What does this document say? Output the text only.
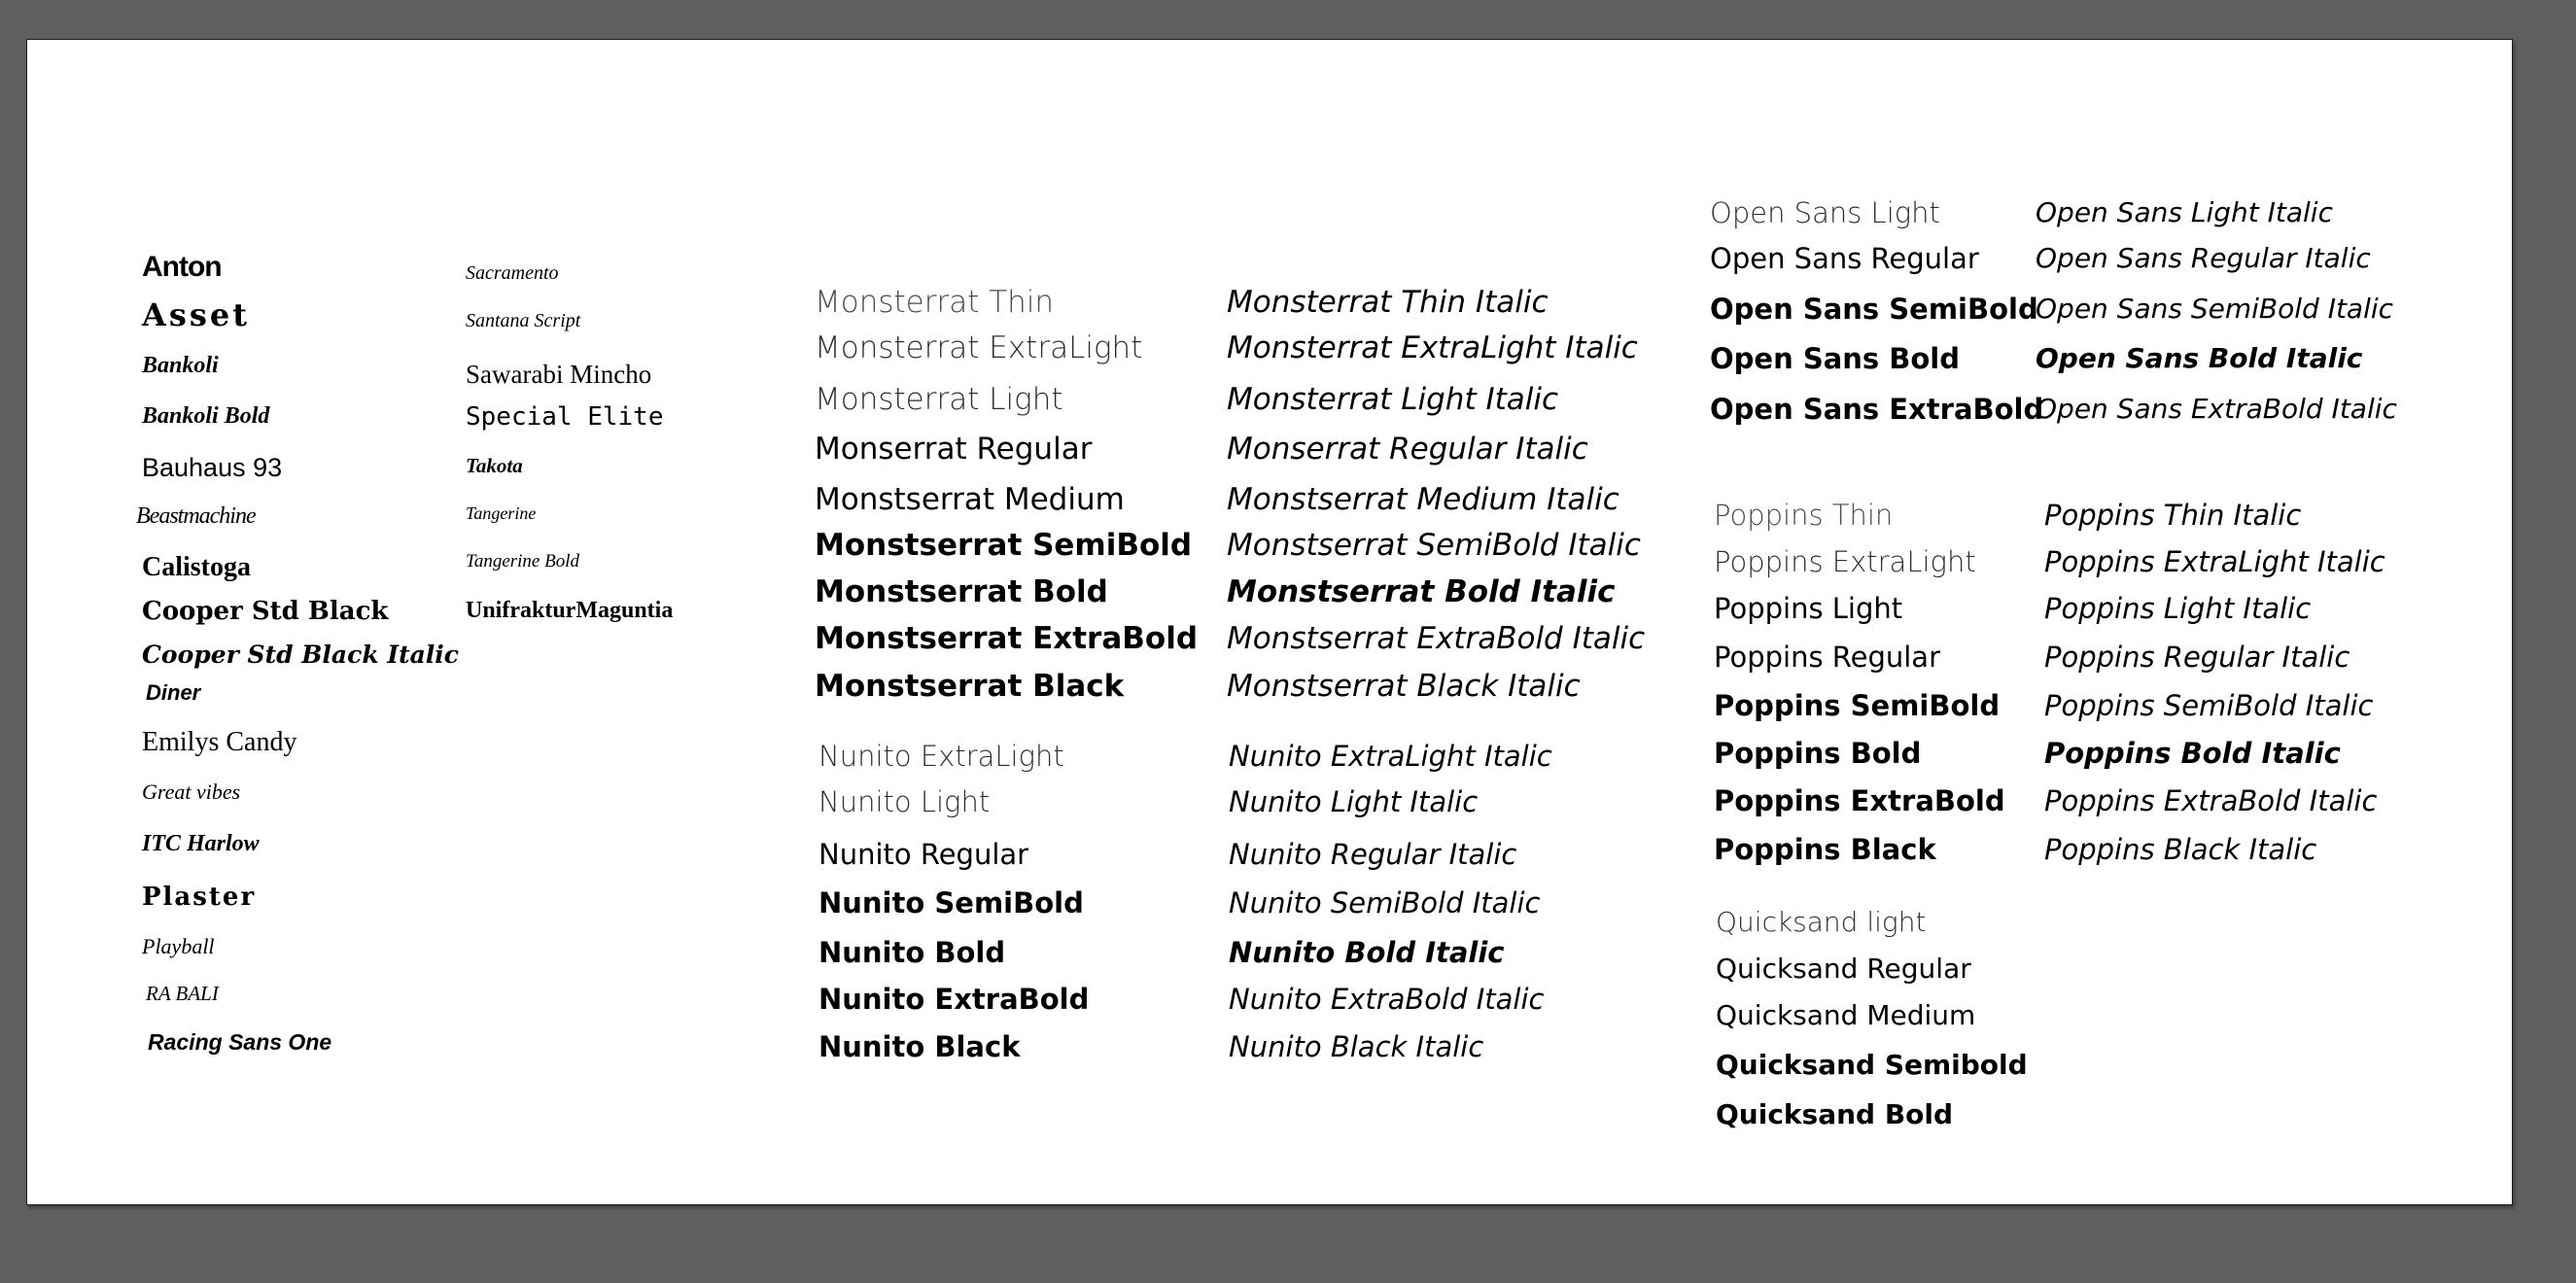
Anton
Asset
Bankoli
Bankoli Bold
Bauhaus 93
Beastmachine
Calistoga
Cooper Std Black
Cooper Std Black Italic
Diner
Emilys Candy
Great vibes
ITC Harlow
Plaster
Playball
RA BALI
Racing Sans One
Sacramento
Santana Script
Sawarabi Mincho
Special Elite
Takota
Tangerine
Tangerine Bold
UnifrakturMaguntia
Monsterrat Thin
Monsterrat ExtraLight
Monsterrat Light
Monserrat Regular
Monstserrat Medium
Monstserrat SemiBold
Monstserrat Bold
Monstserrat ExtraBold
Monstserrat Black
Monsterrat Thin Italic
Monsterrat ExtraLight Italic
Monsterrat Light Italic
Monserrat Regular Italic
Monstserrat Medium Italic
Monstserrat SemiBold Italic
Monstserrat Bold Italic
Monstserrat ExtraBold Italic
Monstserrat Black Italic
Nunito ExtraLight
Nunito Light
Nunito Regular
Nunito SemiBold
Nunito Bold
Nunito ExtraBold
Nunito Black
Nunito ExtraLight Italic
Nunito Light Italic
Nunito Regular Italic
Nunito SemiBold Italic
Nunito Bold Italic
Nunito ExtraBold Italic
Nunito Black Italic
Open Sans Light
Open Sans Regular
Open Sans SemiBold
Open Sans Bold
Open Sans ExtraBold
Open Sans Light Italic
Open Sans Regular Italic
Open Sans SemiBold Italic
Open Sans Bold Italic
Open Sans ExtraBold Italic
Poppins Thin
Poppins ExtraLight
Poppins Light
Poppins Regular
Poppins SemiBold
Poppins Bold
Poppins ExtraBold
Poppins Black
Poppins Thin Italic
Poppins ExtraLight Italic
Poppins Light Italic
Poppins Regular Italic
Poppins SemiBold Italic
Poppins Bold Italic
Poppins ExtraBold Italic
Poppins Black Italic
Quicksand light
Quicksand Regular
Quicksand Medium
Quicksand Semibold
Quicksand Bold
